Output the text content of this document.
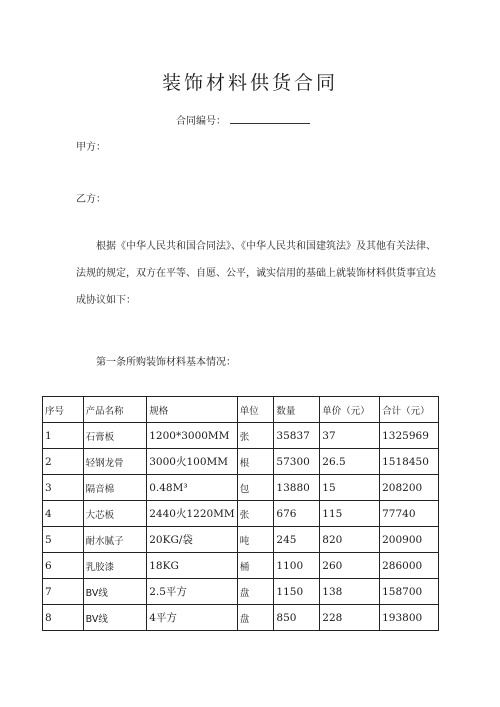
装饰材料供货合同
合同编号：
甲方：
乙方：
根据《中华人民共和国合同法》、《中华人民共和国建筑法》及其他有关法律、法规的规定，双方在平等、自愿、公平，诚实信用的基础上就装饰材料供货事宜达成协议如下：
第一条所购装饰材料基本情况：
序号	产品名称	规格	单位	数量	单价（元）	合计（元）
1	石膏板	1200*3000MM	张	35837	37	1325969
2	轻钢龙骨	3000火100MM	根	57300	26.5	1518450
3	隔音棉	0.48M³	包	13880	15	208200
4	大芯板	2440火1220MM	张	676	115	77740
5	耐水腻子	20KG/袋	吨	245	820	200900
6	乳胶漆	18KG	桶	1100	260	286000
7	BV线	2.5平方	盘	1150	138	158700
8	BV线	4平方	盘	850	228	193800
